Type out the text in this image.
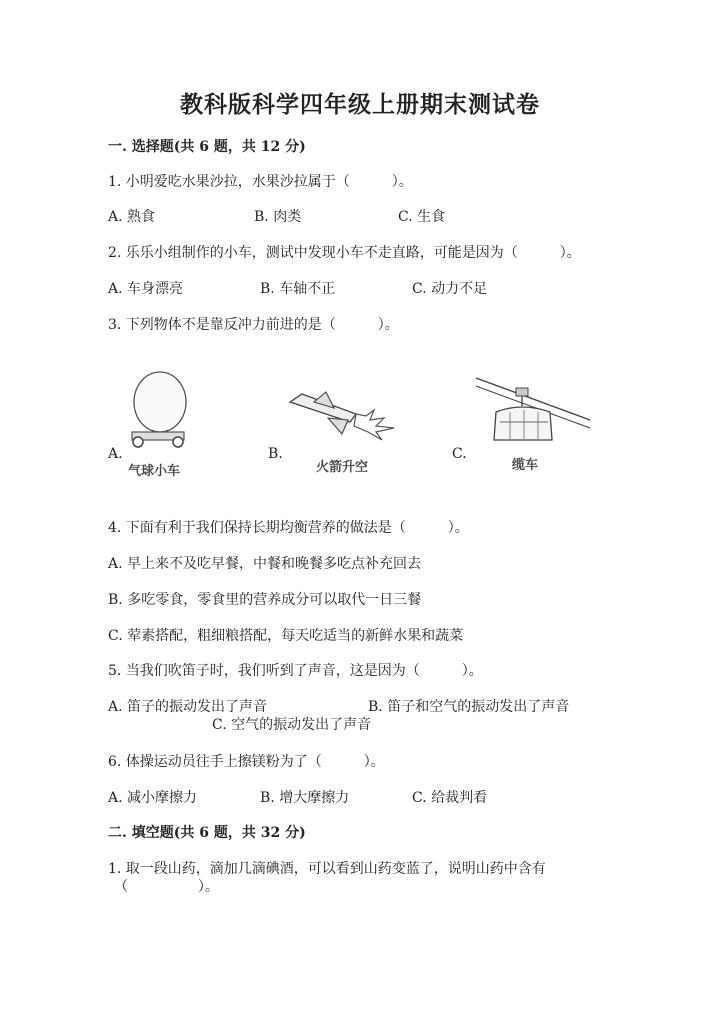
教科版科学四年级上册期末测试卷
一. 选择题(共 6 题，共 12 分)
1. 小明爱吃水果沙拉，水果沙拉属于（　　　）。
A. 熟食	B. 肉类	C. 生食
2. 乐乐小组制作的小车，测试中发现小车不走直路，可能是因为（　　　）。
A. 车身漂亮	B. 车轴不正	C. 动力不足
3. 下列物体不是靠反冲力前进的是（　　　）。
A.
气球小车
B.
火箭升空
C.
缆车
4. 下面有利于我们保持长期均衡营养的做法是（　　　）。
A. 早上来不及吃早餐，中餐和晚餐多吃点补充回去
B. 多吃零食，零食里的营养成分可以取代一日三餐
C. 荤素搭配，粗细粮搭配，每天吃适当的新鲜水果和蔬菜
5. 当我们吹笛子时，我们听到了声音，这是因为（　　　）。
A. 笛子的振动发出了声音	B. 笛子和空气的振动发出了声音
C. 空气的振动发出了声音
6. 体操运动员往手上擦镁粉为了（　　　）。
A. 减小摩擦力	B. 增大摩擦力	C. 给裁判看
二. 填空题(共 6 题，共 32 分)
1. 取一段山药，滴加几滴碘酒，可以看到山药变蓝了，说明山药中含有
（　　　　　）。
